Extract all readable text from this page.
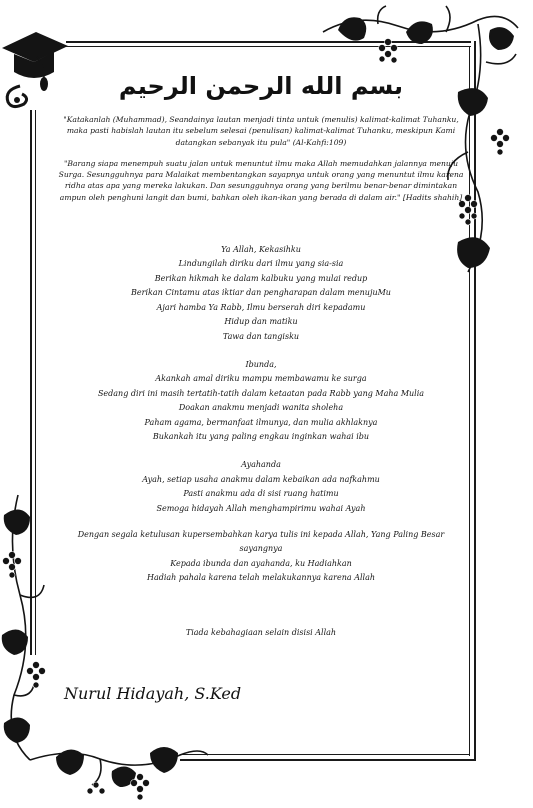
بسم الله الرحمن الرحيم

"Katakanlah (Muhammad), Seandainya lautan menjadi tinta untuk (menulis) kalimat-kalimat Tuhanku, maka pasti habislah lautan itu sebelum selesai (penulisan) kalimat-kalimat Tuhanku, meskipun Kami datangkan sebanyak itu pula" (Al-Kahfi:109)

"Barang siapa menempuh suatu jalan untuk menuntut ilmu maka Allah memudahkan jalannya menuju Surga. Sesungguhnya para Malaikat membentangkan sayapnya untuk orang yang menuntut ilmu karena ridha atas apa yang mereka lakukan. Dan sesungguhnya orang yang berilmu benar-benar dimintakan ampun oleh penghuni langit dan bumi, bahkan oleh ikan-ikan yang berada di dalam air." [Hadits shahih]

Ya Allah, Kekasihku

Lindungilah diriku dari ilmu yang sia-sia

Berikan hikmah ke dalam kalbuku yang mulai redup

Berikan Cintamu atas iktiar dan pengharapan dalam menujuMu

Ajari hamba Ya Rabb, Ilmu berserah diri kepadamu

Hidup dan matiku

Tawa dan tangisku

Ibunda,

Akankah amal diriku mampu membawamu ke surga

Sedang diri ini masih tertatih-tatih dalam ketaatan pada Rabb yang Maha Mulia

Doakan anakmu menjadi wanita sholeha

Paham agama, bermanfaat ilmunya, dan mulia akhlaknya

Bukankah itu yang paling engkau inginkan wahai ibu

Ayahanda

Ayah, setiap usaha anakmu dalam kebaikan ada nafkahmu

Pasti anakmu ada di sisi ruang hatimu

Semoga hidayah Allah menghampirimu wahai Ayah

Dengan segala ketulusan kupersembahkan karya tulis ini kepada Allah, Yang Paling Besar sayangnya

Kepada ibunda dan ayahanda, ku Hadiahkan

Hadiah pahala karena telah melakukannya karena Allah

Tiada kebahagiaan selain disisi Allah

Nurul Hidayah, S.Ked
